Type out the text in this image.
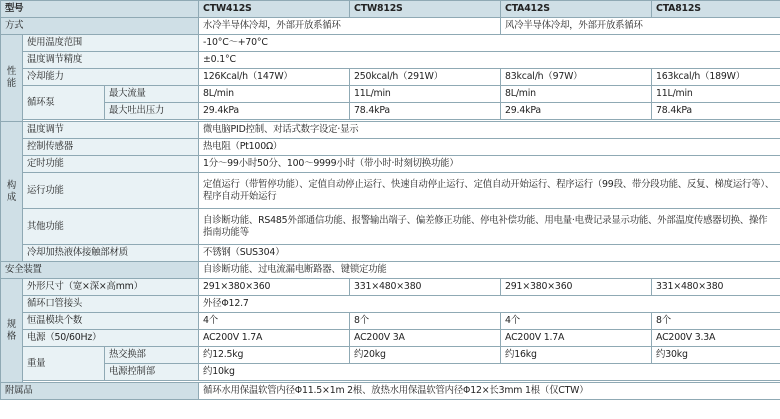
型号			CTW412S	CTW812S	CTA412S	CTA812S
方式			水冷半导体冷却，外部开放系循环		风冷半导体冷却，外部开放系循环	
性
能	使用温度范围		-10°C～+70°C			
	温度调节精度		±0.1°C			
	冷却能力		126Kcal/h（147W）	250kcal/h（291W）	83kcal/h（97W）	163kcal/h（189W）
	循环泵	最大流量	8L/min	11L/min	8L/min	11L/min
		最大吐出压力	29.4kPa	78.4kPa	29.4kPa	78.4kPa

构
成	温度调节		微电脑PID控制、对话式数字设定·显示			
	控制传感器		热电阻（Pt100Ω）			
	定时功能		1分～99小时50分、100～9999小时（带小时·时刻切换功能）			
	运行功能		定值运行（带暂停功能）、定值自动停止运行、快速自动停止运行、定值自动开始运行、程序运行（99段、带分段功能、反复、梯度运行等）、程序自动开始运行			
	其他功能		自诊断功能、RS485外部通信功能、报警输出端子、偏差修正功能、停电补偿功能、用电量·电费记录显示功能、外部温度传感器切换、操作指南功能等			
	冷却加热液体接触部材质		不锈钢（SUS304）			
安全装置			自诊断功能、过电流漏电断路器、键锁定功能			
规
格	外形尺寸（宽×深×高mm）		291×380×360	331×480×380	291×380×360	331×480×380
	循环口管接头		外径Φ12.7			
	恒温模块个数		4个	8个	4个	8个
	电源（50/60Hz）		AC200V 1.7A	AC200V 3A	AC200V 1.7A	AC200V 3.3A
	重量	热交换部	约12.5kg	约20kg	约16kg	约30kg
		电源控制部	约10kg			

附属品			循环水用保温软管内径Φ11.5×1m 2根、放热水用保温软管内径Φ12×长3mm 1根（仅CTW）			
